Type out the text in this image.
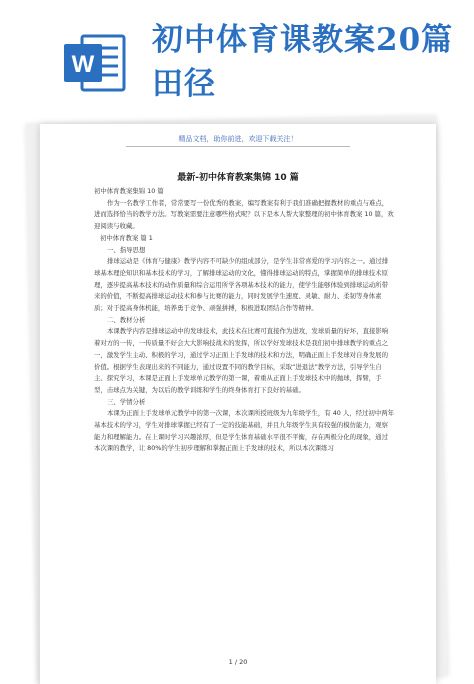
W
初中体育课教案20篇田径
精品文档，助你前进，欢迎下载关注！
最新-初中体育教案集锦 10 篇

初中体育教案集锦 10 篇

作为一名教学工作者，常常要写一份优秀的教案，编写教案有利于我们准确把握教材的重点与难点，进而选择恰当的教学方法。写教案需要注意哪些格式呢？以下是本人帮大家整理的初中体育教案 10 篇，欢迎阅读与收藏。

初中体育教案 篇 1

一、指导思想

排球运动是《体育与健康》教学内容不可缺少的组成部分，是学生非常喜爱的学习内容之一。通过排球基本理论知识和基本技术的学习，了解排球运动的文化，懂得排球运动的特点，掌握简单的排球技术原理，逐步提高基本技术的动作质量和综合运用所学各项基本技术的能力，使学生能够体验到排球运动所带来的价值，不断提高排球运动技术和参与比赛的能力，同时发展学生速度、灵敏、耐力、柔韧等身体素质；对于提高身体机能，培养勇于竞争、顽强拼搏，积极进取团结合作等精神。

二、教材分析

本课教学内容是排球运动中的发球技术，此技术在比赛可直接作为进攻，发球质量的好坏，直接影响着对方的一传，一传质量不好会大大影响技战术的发挥，所以学好发球技术是我们初中排球教学的重点之一，激发学生主动、积极的学习，通过学习正面上手发球的技术和方法，明确正面上手发球对自身发展的价值。根据学生表现出来的不同能力，通过设置不同的教学目标，采取“进退法”教学方法，引导学生自主、探究学习，本课是正面上手发球单元教学的第一课，着重从正面上手发球技术中的抛球，挥臂，手型，击球点为关键，为以后的教学训练和学生的终身体育打下良好的基础。

三、学情分析

本课为正面上手发球单元教学中的第一次课，本次课所授班级为九年级学生，有 40 人，经过初中两年基本技术的学习，学生对排球掌握已经有了一定的技能基础，并且九年级学生具有较强的模仿能力，观察能力和理解能力。在上课时学习兴趣浓厚，但是学生体育基础水平很不平衡，存在两极分化的现象，通过本次课的教学，让 80%的学生初步理解和掌握正面上手发球的技术，所以本次课练习

1 / 20
